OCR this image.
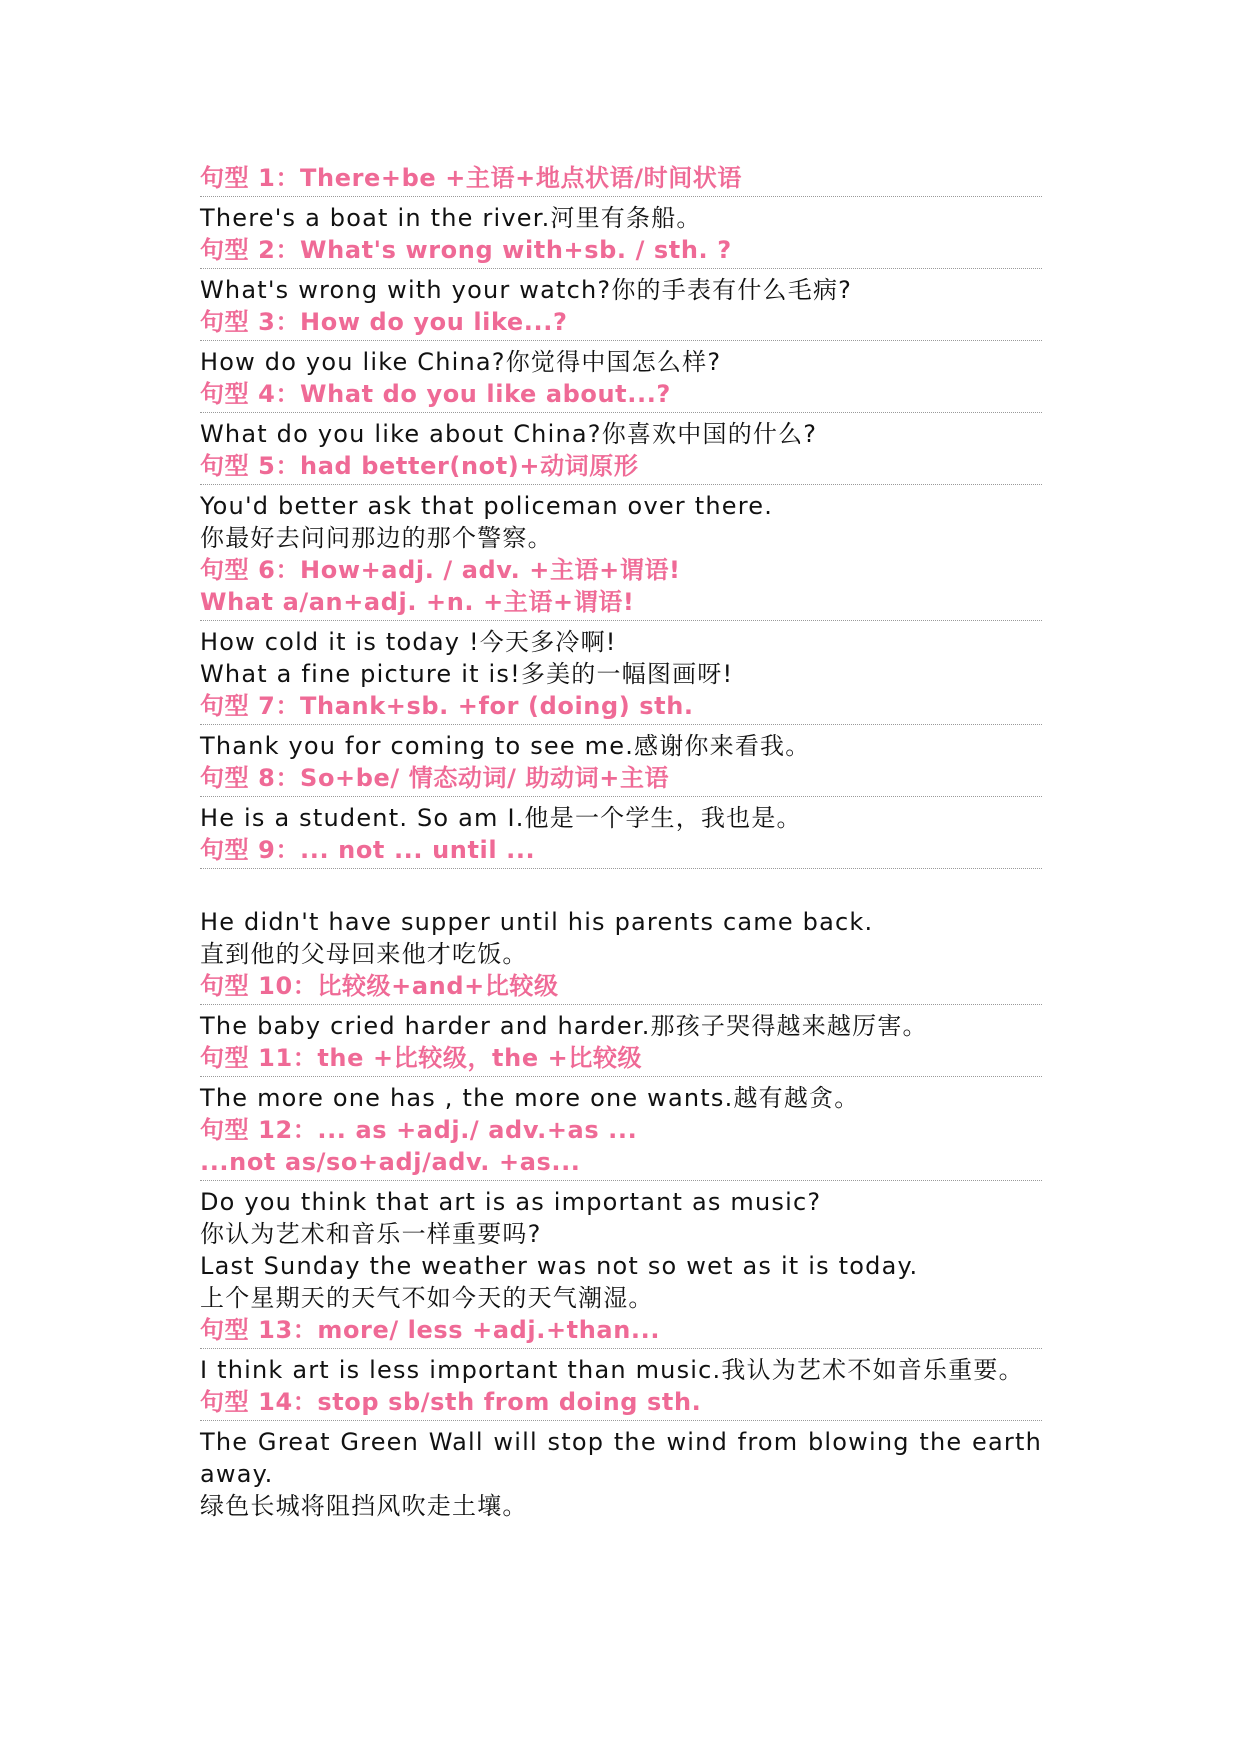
句型 1：There+be +主语+地点状语/时间状语
There's a boat in the river.河里有条船。
句型 2：What's wrong with+sb. / sth. ?
What's wrong with your watch?你的手表有什么毛病?
句型 3：How do you like...?
How do you like China?你觉得中国怎么样?
句型 4：What do you like about...?
What do you like about China?你喜欢中国的什么?
句型 5：had better(not)+动词原形
You'd better ask that policeman over there.
你最好去问问那边的那个警察。
句型 6：How+adj. / adv. +主语+谓语!
What a/an+adj. +n. +主语+谓语!
How cold it is today !今天多冷啊!
What a fine picture it is!多美的一幅图画呀!
句型 7：Thank+sb. +for (doing) sth.
Thank you for coming to see me.感谢你来看我。
句型 8：So+be/ 情态动词/ 助动词+主语
He is a student. So am I.他是一个学生，我也是。
句型 9：... not ... until ...
He didn't have supper until his parents came back.
直到他的父母回来他才吃饭。
句型 10：比较级+and+比较级
The baby cried harder and harder.那孩子哭得越来越厉害。
句型 11：the +比较级，the +比较级
The more one has , the more one wants.越有越贪。
句型 12：... as +adj./ adv.+as ...
...not as/so+adj/adv. +as...
Do you think that art is as important as music?
你认为艺术和音乐一样重要吗?
Last Sunday the weather was not so wet as it is today.
上个星期天的天气不如今天的天气潮湿。
句型 13：more/ less +adj.+than...
I think art is less important than music.我认为艺术不如音乐重要。
句型 14：stop sb/sth from doing sth.
The Great Green Wall will stop the wind from blowing the earth away.
绿色长城将阻挡风吹走土壤。
